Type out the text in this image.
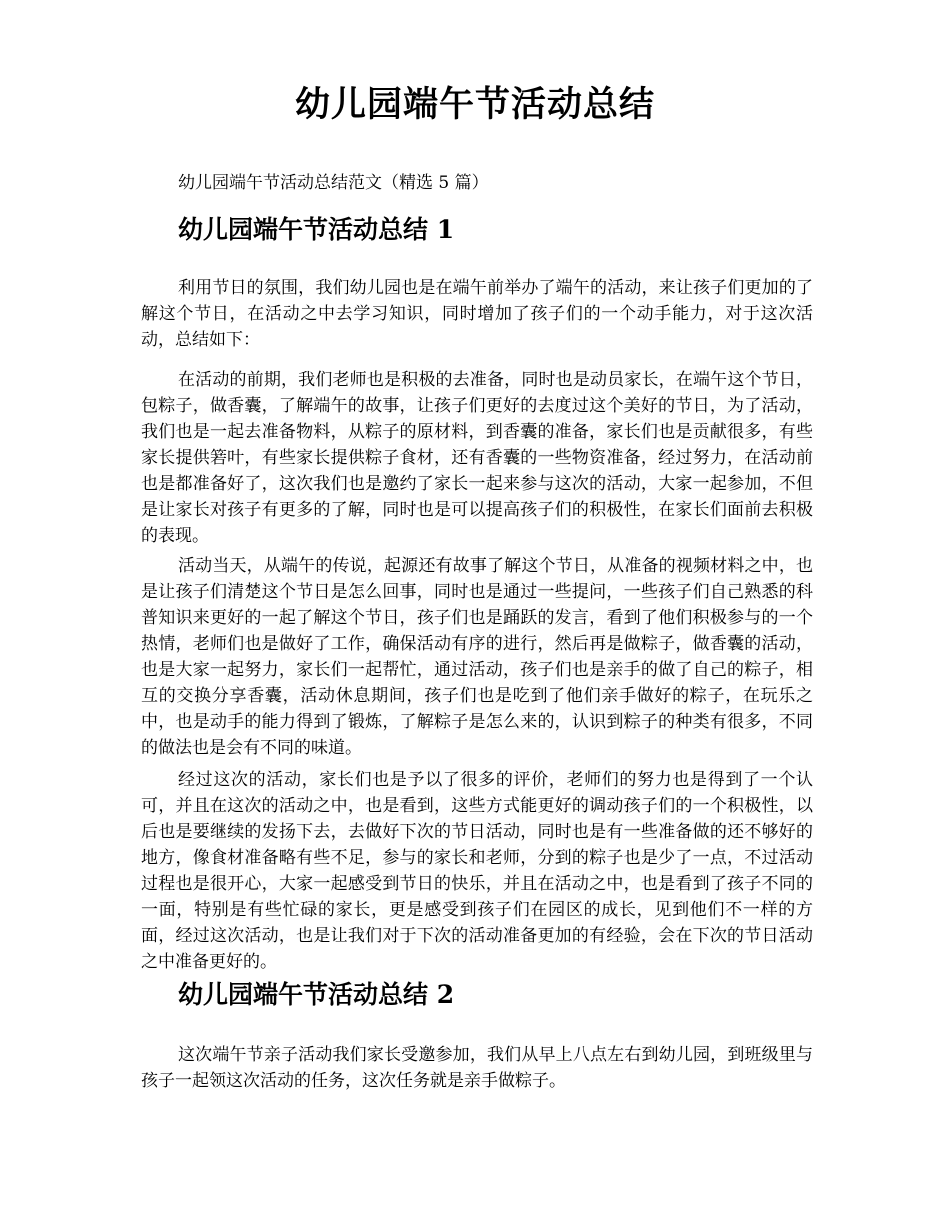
幼儿园端午节活动总结
幼儿园端午节活动总结范文（精选 5 篇）
幼儿园端午节活动总结 1

利用节日的氛围，我们幼儿园也是在端午前举办了端午的活动，来让孩子们更加的了解这个节日，在活动之中去学习知识，同时增加了孩子们的一个动手能力，对于这次活动，总结如下：

在活动的前期，我们老师也是积极的去准备，同时也是动员家长，在端午这个节日，包粽子，做香囊，了解端午的故事，让孩子们更好的去度过这个美好的节日，为了活动，我们也是一起去准备物料，从粽子的原材料，到香囊的准备，家长们也是贡献很多，有些家长提供箬叶，有些家长提供粽子食材，还有香囊的一些物资准备，经过努力，在活动前也是都准备好了，这次我们也是邀约了家长一起来参与这次的活动，大家一起参加，不但是让家长对孩子有更多的了解，同时也是可以提高孩子们的积极性，在家长们面前去积极的表现。

活动当天，从端午的传说，起源还有故事了解这个节日，从准备的视频材料之中，也是让孩子们清楚这个节日是怎么回事，同时也是通过一些提问，一些孩子们自己熟悉的科普知识来更好的一起了解这个节日，孩子们也是踊跃的发言，看到了他们积极参与的一个热情，老师们也是做好了工作，确保活动有序的进行，然后再是做粽子，做香囊的活动，也是大家一起努力，家长们一起帮忙，通过活动，孩子们也是亲手的做了自己的粽子，相互的交换分享香囊，活动休息期间，孩子们也是吃到了他们亲手做好的粽子，在玩乐之中，也是动手的能力得到了锻炼，了解粽子是怎么来的，认识到粽子的种类有很多，不同的做法也是会有不同的味道。

经过这次的活动，家长们也是予以了很多的评价，老师们的努力也是得到了一个认可，并且在这次的活动之中，也是看到，这些方式能更好的调动孩子们的一个积极性，以后也是要继续的发扬下去，去做好下次的节日活动，同时也是有一些准备做的还不够好的地方，像食材准备略有些不足，参与的家长和老师，分到的粽子也是少了一点，不过活动过程也是很开心，大家一起感受到节日的快乐，并且在活动之中，也是看到了孩子不同的一面，特别是有些忙碌的家长，更是感受到孩子们在园区的成长，见到他们不一样的方面，经过这次活动，也是让我们对于下次的活动准备更加的有经验，会在下次的节日活动之中准备更好的。

幼儿园端午节活动总结 2

这次端午节亲子活动我们家长受邀参加，我们从早上八点左右到幼儿园，到班级里与孩子一起领这次活动的任务，这次任务就是亲手做粽子。
